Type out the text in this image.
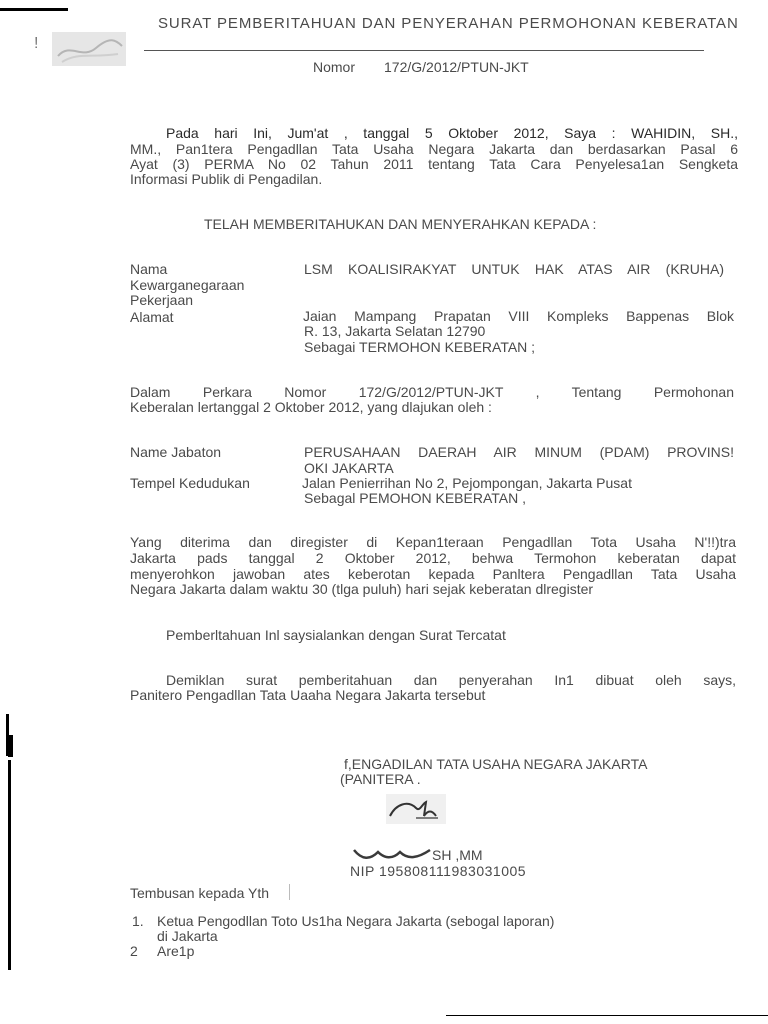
!
SURAT PEMBERITAHUAN DAN PENYERAHAN PERMOHONAN KEBERATAN
Nomor 172/G/2012/PTUN-JKT
Pada hari Ini, Jum'at , tanggal 5 Oktober 2012, Saya : WAHIDIN, SH.,
MM., Pan1tera Pengadllan Tata Usaha Negara Jakarta dan berdasarkan Pasal 6
Ayat (3) PERMA No 02 Tahun 2011 tentang Tata Cara Penyelesa1an Sengketa
Informasi Publik di Pengadilan.
TELAH MEMBERITAHUKAN DAN MENYERAHKAN KEPADA :
Nama	LSM KOALISIRAKYAT UNTUK HAK ATAS AIR (KRUHA)
Kewarganegaraan
Pekerjaan
Alamat	Jaian Mampang Prapatan VIII Kompleks Bappenas Blok
R. 13, Jakarta Selatan 12790
Sebagai TERMOHON KEBERATAN ;
Dalam Perkara Nomor 172/G/2012/PTUN-JKT , Tentang Permohonan
Keberalan lertanggal 2 Oktober 2012, yang dlajukan oleh :
Name Jabaton	PERUSAHAAN DAERAH AIR MINUM (PDAM) PROVINS!
OKI JAKARTA
Tempel Kedudukan	Jalan Penierrihan No 2, Pejompongan, Jakarta Pusat
Sebagal PEMOHON KEBERATAN ,
Yang diterima dan diregister di Kepan1teraan Pengadllan Tota Usaha N'!!)tra
Jakarta pads tanggal 2 Oktober 2012, behwa Termohon keberatan dapat
menyerohkon jawoban ates keberotan kepada Panltera Pengadllan Tata Usaha
Negara Jakarta dalam waktu 30 (tlga puluh) hari sejak keberatan dlregister
Pemberltahuan Inl saysialankan dengan Surat Tercatat
Demiklan surat pemberitahuan dan penyerahan In1 dibuat oleh says,
Panitero Pengadllan Tata Uaaha Negara Jakarta tersebut
f,ENGADILAN TATA USAHA NEGARA JAKARTA
(PANITERA .
SH ,MM
NIP 195808111983031005
Tembusan kepada Yth
1. Ketua Pengodllan Toto Us1ha Negara Jakarta (sebogal laporan)
di Jakarta
2 Are1p
